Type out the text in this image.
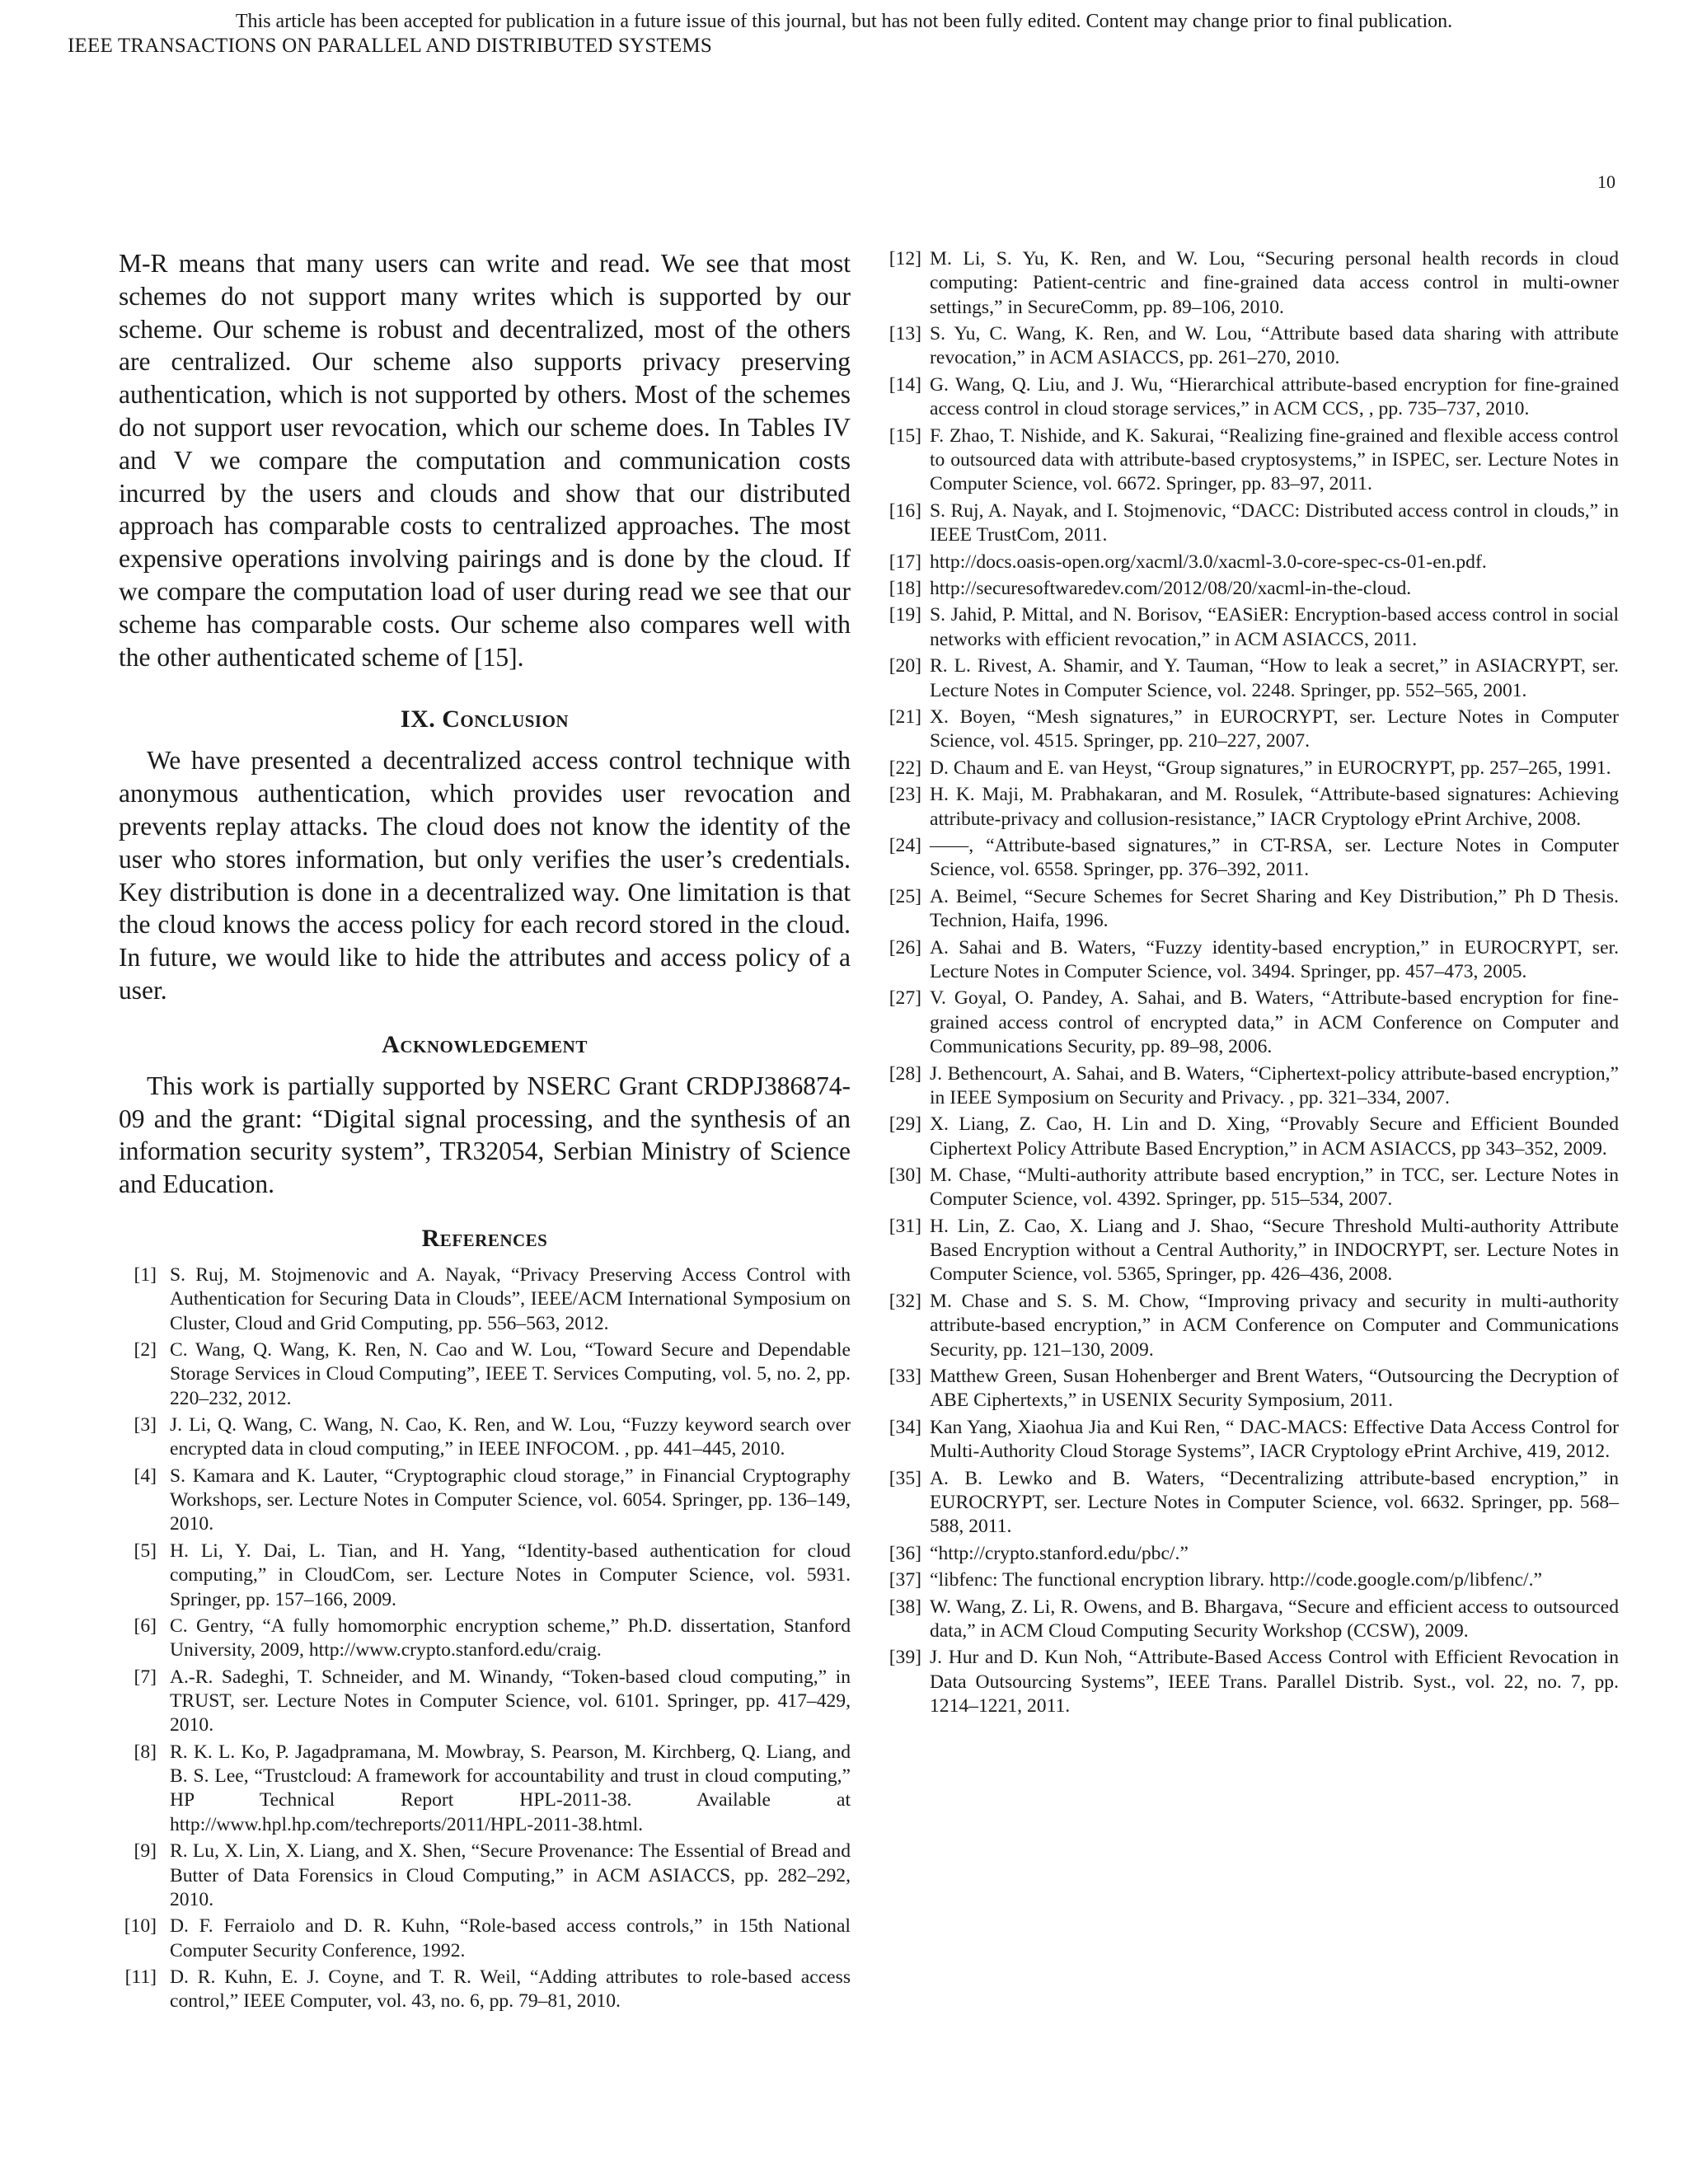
This article has been accepted for publication in a future issue of this journal, but has not been fully edited. Content may change prior to final publication.
IEEE TRANSACTIONS ON PARALLEL AND DISTRIBUTED SYSTEMS
10

M-R means that many users can write and read. We see that most schemes do not support many writes which is supported by our scheme. Our scheme is robust and decentralized, most of the others are centralized. Our scheme also supports privacy preserving authentication, which is not supported by others. Most of the schemes do not support user revocation, which our scheme does. In Tables IV and V we compare the computation and communication costs incurred by the users and clouds and show that our distributed approach has comparable costs to centralized approaches. The most expensive operations involving pairings and is done by the cloud. If we compare the computation load of user during read we see that our scheme has comparable costs. Our scheme also compares well with the other authenticated scheme of [15].

IX. Conclusion

We have presented a decentralized access control technique with anonymous authentication, which provides user revocation and prevents replay attacks. The cloud does not know the identity of the user who stores information, but only verifies the user’s credentials. Key distribution is done in a decentralized way. One limitation is that the cloud knows the access policy for each record stored in the cloud. In future, we would like to hide the attributes and access policy of a user.

Acknowledgement

This work is partially supported by NSERC Grant CRDPJ386874-09 and the grant: “Digital signal processing, and the synthesis of an information security system”, TR32054, Serbian Ministry of Science and Education.

References
[1] S. Ruj, M. Stojmenovic and A. Nayak, “Privacy Preserving Access Control with Authentication for Securing Data in Clouds”, IEEE/ACM International Symposium on Cluster, Cloud and Grid Computing, pp. 556–563, 2012.
[2] C. Wang, Q. Wang, K. Ren, N. Cao and W. Lou, “Toward Secure and Dependable Storage Services in Cloud Computing”, IEEE T. Services Computing, vol. 5, no. 2, pp. 220–232, 2012.
[3] J. Li, Q. Wang, C. Wang, N. Cao, K. Ren, and W. Lou, “Fuzzy keyword search over encrypted data in cloud computing,” in IEEE INFOCOM. , pp. 441–445, 2010.
[4] S. Kamara and K. Lauter, “Cryptographic cloud storage,” in Financial Cryptography Workshops, ser. Lecture Notes in Computer Science, vol. 6054. Springer, pp. 136–149, 2010.
[5] H. Li, Y. Dai, L. Tian, and H. Yang, “Identity-based authentication for cloud computing,” in CloudCom, ser. Lecture Notes in Computer Science, vol. 5931. Springer, pp. 157–166, 2009.
[6] C. Gentry, “A fully homomorphic encryption scheme,” Ph.D. dissertation, Stanford University, 2009, http://www.crypto.stanford.edu/craig.
[7] A.-R. Sadeghi, T. Schneider, and M. Winandy, “Token-based cloud computing,” in TRUST, ser. Lecture Notes in Computer Science, vol. 6101. Springer, pp. 417–429, 2010.
[8] R. K. L. Ko, P. Jagadpramana, M. Mowbray, S. Pearson, M. Kirchberg, Q. Liang, and B. S. Lee, “Trustcloud: A framework for accountability and trust in cloud computing,” HP Technical Report HPL-2011-38. Available at http://www.hpl.hp.com/techreports/2011/HPL-2011-38.html.
[9] R. Lu, X. Lin, X. Liang, and X. Shen, “Secure Provenance: The Essential of Bread and Butter of Data Forensics in Cloud Computing,” in ACM ASIACCS, pp. 282–292, 2010.
[10] D. F. Ferraiolo and D. R. Kuhn, “Role-based access controls,” in 15th National Computer Security Conference, 1992.
[11] D. R. Kuhn, E. J. Coyne, and T. R. Weil, “Adding attributes to role-based access control,” IEEE Computer, vol. 43, no. 6, pp. 79–81, 2010.
[12] M. Li, S. Yu, K. Ren, and W. Lou, “Securing personal health records in cloud computing: Patient-centric and fine-grained data access control in multi-owner settings,” in SecureComm, pp. 89–106, 2010.
[13] S. Yu, C. Wang, K. Ren, and W. Lou, “Attribute based data sharing with attribute revocation,” in ACM ASIACCS, pp. 261–270, 2010.
[14] G. Wang, Q. Liu, and J. Wu, “Hierarchical attribute-based encryption for fine-grained access control in cloud storage services,” in ACM CCS, , pp. 735–737, 2010.
[15] F. Zhao, T. Nishide, and K. Sakurai, “Realizing fine-grained and flexible access control to outsourced data with attribute-based cryptosystems,” in ISPEC, ser. Lecture Notes in Computer Science, vol. 6672. Springer, pp. 83–97, 2011.
[16] S. Ruj, A. Nayak, and I. Stojmenovic, “DACC: Distributed access control in clouds,” in IEEE TrustCom, 2011.
[17] http://docs.oasis-open.org/xacml/3.0/xacml-3.0-core-spec-cs-01-en.pdf.
[18] http://securesoftwaredev.com/2012/08/20/xacml-in-the-cloud.
[19] S. Jahid, P. Mittal, and N. Borisov, “EASiER: Encryption-based access control in social networks with efficient revocation,” in ACM ASIACCS, 2011.
[20] R. L. Rivest, A. Shamir, and Y. Tauman, “How to leak a secret,” in ASIACRYPT, ser. Lecture Notes in Computer Science, vol. 2248. Springer, pp. 552–565, 2001.
[21] X. Boyen, “Mesh signatures,” in EUROCRYPT, ser. Lecture Notes in Computer Science, vol. 4515. Springer, pp. 210–227, 2007.
[22] D. Chaum and E. van Heyst, “Group signatures,” in EUROCRYPT, pp. 257–265, 1991.
[23] H. K. Maji, M. Prabhakaran, and M. Rosulek, “Attribute-based signatures: Achieving attribute-privacy and collusion-resistance,” IACR Cryptology ePrint Archive, 2008.
[24] ——, “Attribute-based signatures,” in CT-RSA, ser. Lecture Notes in Computer Science, vol. 6558. Springer, pp. 376–392, 2011.
[25] A. Beimel, “Secure Schemes for Secret Sharing and Key Distribution,” Ph D Thesis. Technion, Haifa, 1996.
[26] A. Sahai and B. Waters, “Fuzzy identity-based encryption,” in EUROCRYPT, ser. Lecture Notes in Computer Science, vol. 3494. Springer, pp. 457–473, 2005.
[27] V. Goyal, O. Pandey, A. Sahai, and B. Waters, “Attribute-based encryption for fine-grained access control of encrypted data,” in ACM Conference on Computer and Communications Security, pp. 89–98, 2006.
[28] J. Bethencourt, A. Sahai, and B. Waters, “Ciphertext-policy attribute-based encryption,” in IEEE Symposium on Security and Privacy. , pp. 321–334, 2007.
[29] X. Liang, Z. Cao, H. Lin and D. Xing, “Provably Secure and Efficient Bounded Ciphertext Policy Attribute Based Encryption,” in ACM ASIACCS, pp 343–352, 2009.
[30] M. Chase, “Multi-authority attribute based encryption,” in TCC, ser. Lecture Notes in Computer Science, vol. 4392. Springer, pp. 515–534, 2007.
[31] H. Lin, Z. Cao, X. Liang and J. Shao, “Secure Threshold Multi-authority Attribute Based Encryption without a Central Authority,” in INDOCRYPT, ser. Lecture Notes in Computer Science, vol. 5365, Springer, pp. 426–436, 2008.
[32] M. Chase and S. S. M. Chow, “Improving privacy and security in multi-authority attribute-based encryption,” in ACM Conference on Computer and Communications Security, pp. 121–130, 2009.
[33] Matthew Green, Susan Hohenberger and Brent Waters, “Outsourcing the Decryption of ABE Ciphertexts,” in USENIX Security Symposium, 2011.
[34] Kan Yang, Xiaohua Jia and Kui Ren, “ DAC-MACS: Effective Data Access Control for Multi-Authority Cloud Storage Systems”, IACR Cryptology ePrint Archive, 419, 2012.
[35] A. B. Lewko and B. Waters, “Decentralizing attribute-based encryption,” in EUROCRYPT, ser. Lecture Notes in Computer Science, vol. 6632. Springer, pp. 568–588, 2011.
[36] “http://crypto.stanford.edu/pbc/.”
[37] “libfenc: The functional encryption library. http://code.google.com/p/libfenc/.”
[38] W. Wang, Z. Li, R. Owens, and B. Bhargava, “Secure and efficient access to outsourced data,” in ACM Cloud Computing Security Workshop (CCSW), 2009.
[39] J. Hur and D. Kun Noh, “Attribute-Based Access Control with Efficient Revocation in Data Outsourcing Systems”, IEEE Trans. Parallel Distrib. Syst., vol. 22, no. 7, pp. 1214–1221, 2011.
